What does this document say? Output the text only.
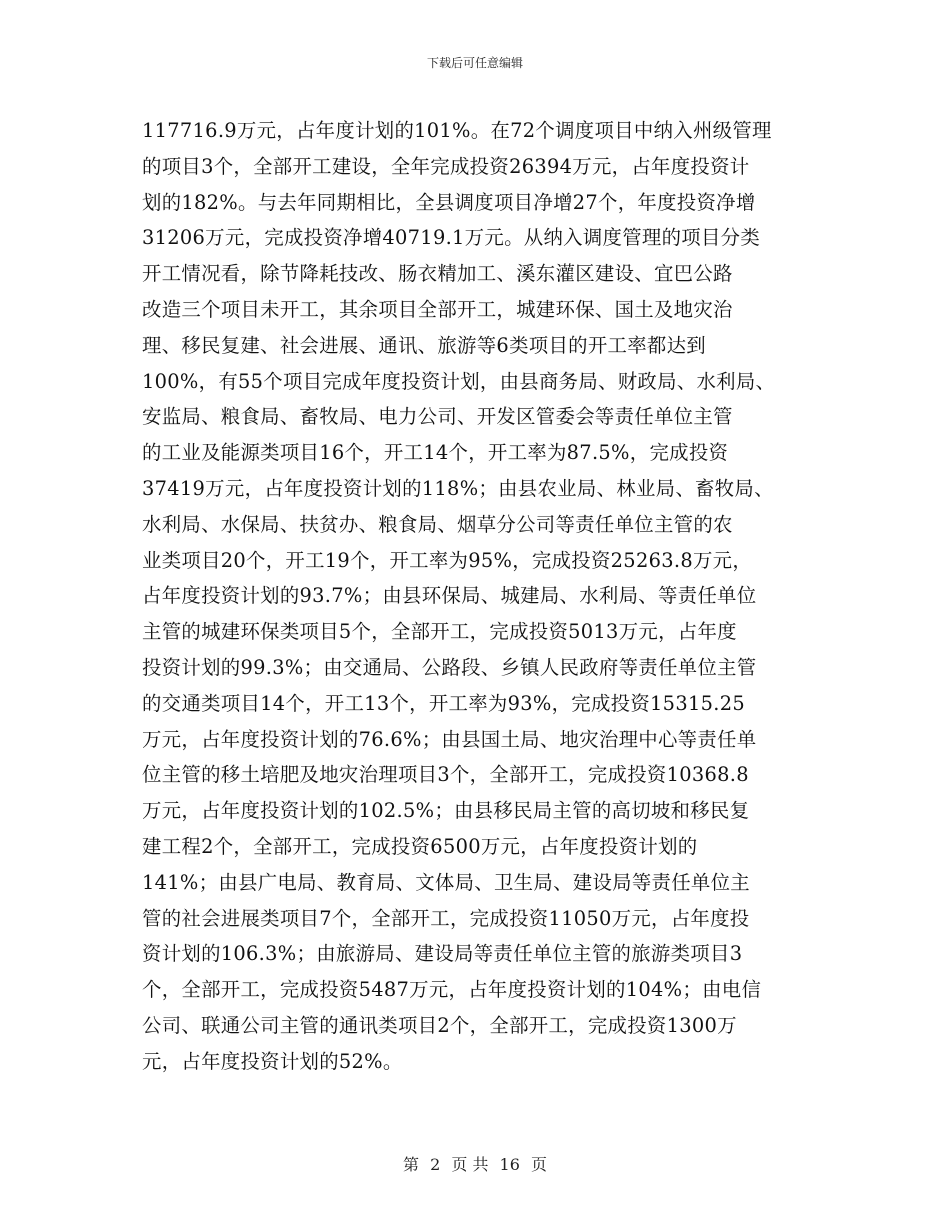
下载后可任意编辑
117716.9万元，占年度计划的101%。在72个调度项目中纳入州级管理
的项目3个，全部开工建设，全年完成投资26394万元，占年度投资计
划的182%。与去年同期相比，全县调度项目净增27个，年度投资净增
31206万元，完成投资净增40719.1万元。从纳入调度管理的项目分类
开工情况看，除节降耗技改、肠衣精加工、溪东灌区建设、宜巴公路
改造三个项目未开工，其余项目全部开工，城建环保、国土及地灾治
理、移民复建、社会进展、通讯、旅游等6类项目的开工率都达到
100%，有55个项目完成年度投资计划，由县商务局、财政局、水利局、
安监局、粮食局、畜牧局、电力公司、开发区管委会等责任单位主管
的工业及能源类项目16个，开工14个，开工率为87.5%，完成投资
37419万元，占年度投资计划的118%；由县农业局、林业局、畜牧局、
水利局、水保局、扶贫办、粮食局、烟草分公司等责任单位主管的农
业类项目20个，开工19个，开工率为95%，完成投资25263.8万元，
占年度投资计划的93.7%；由县环保局、城建局、水利局、等责任单位
主管的城建环保类项目5个，全部开工，完成投资5013万元，占年度
投资计划的99.3%；由交通局、公路段、乡镇人民政府等责任单位主管
的交通类项目14个，开工13个，开工率为93%，完成投资15315.25
万元，占年度投资计划的76.6%；由县国土局、地灾治理中心等责任单
位主管的移土培肥及地灾治理项目3个，全部开工，完成投资10368.8
万元，占年度投资计划的102.5%；由县移民局主管的高切坡和移民复
建工程2个，全部开工，完成投资6500万元，占年度投资计划的
141%；由县广电局、教育局、文体局、卫生局、建设局等责任单位主
管的社会进展类项目7个，全部开工，完成投资11050万元，占年度投
资计划的106.3%；由旅游局、建设局等责任单位主管的旅游类项目3
个，全部开工，完成投资5487万元，占年度投资计划的104%；由电信
公司、联通公司主管的通讯类项目2个，全部开工，完成投资1300万
元，占年度投资计划的52%。
第 2 页 共 16 页
